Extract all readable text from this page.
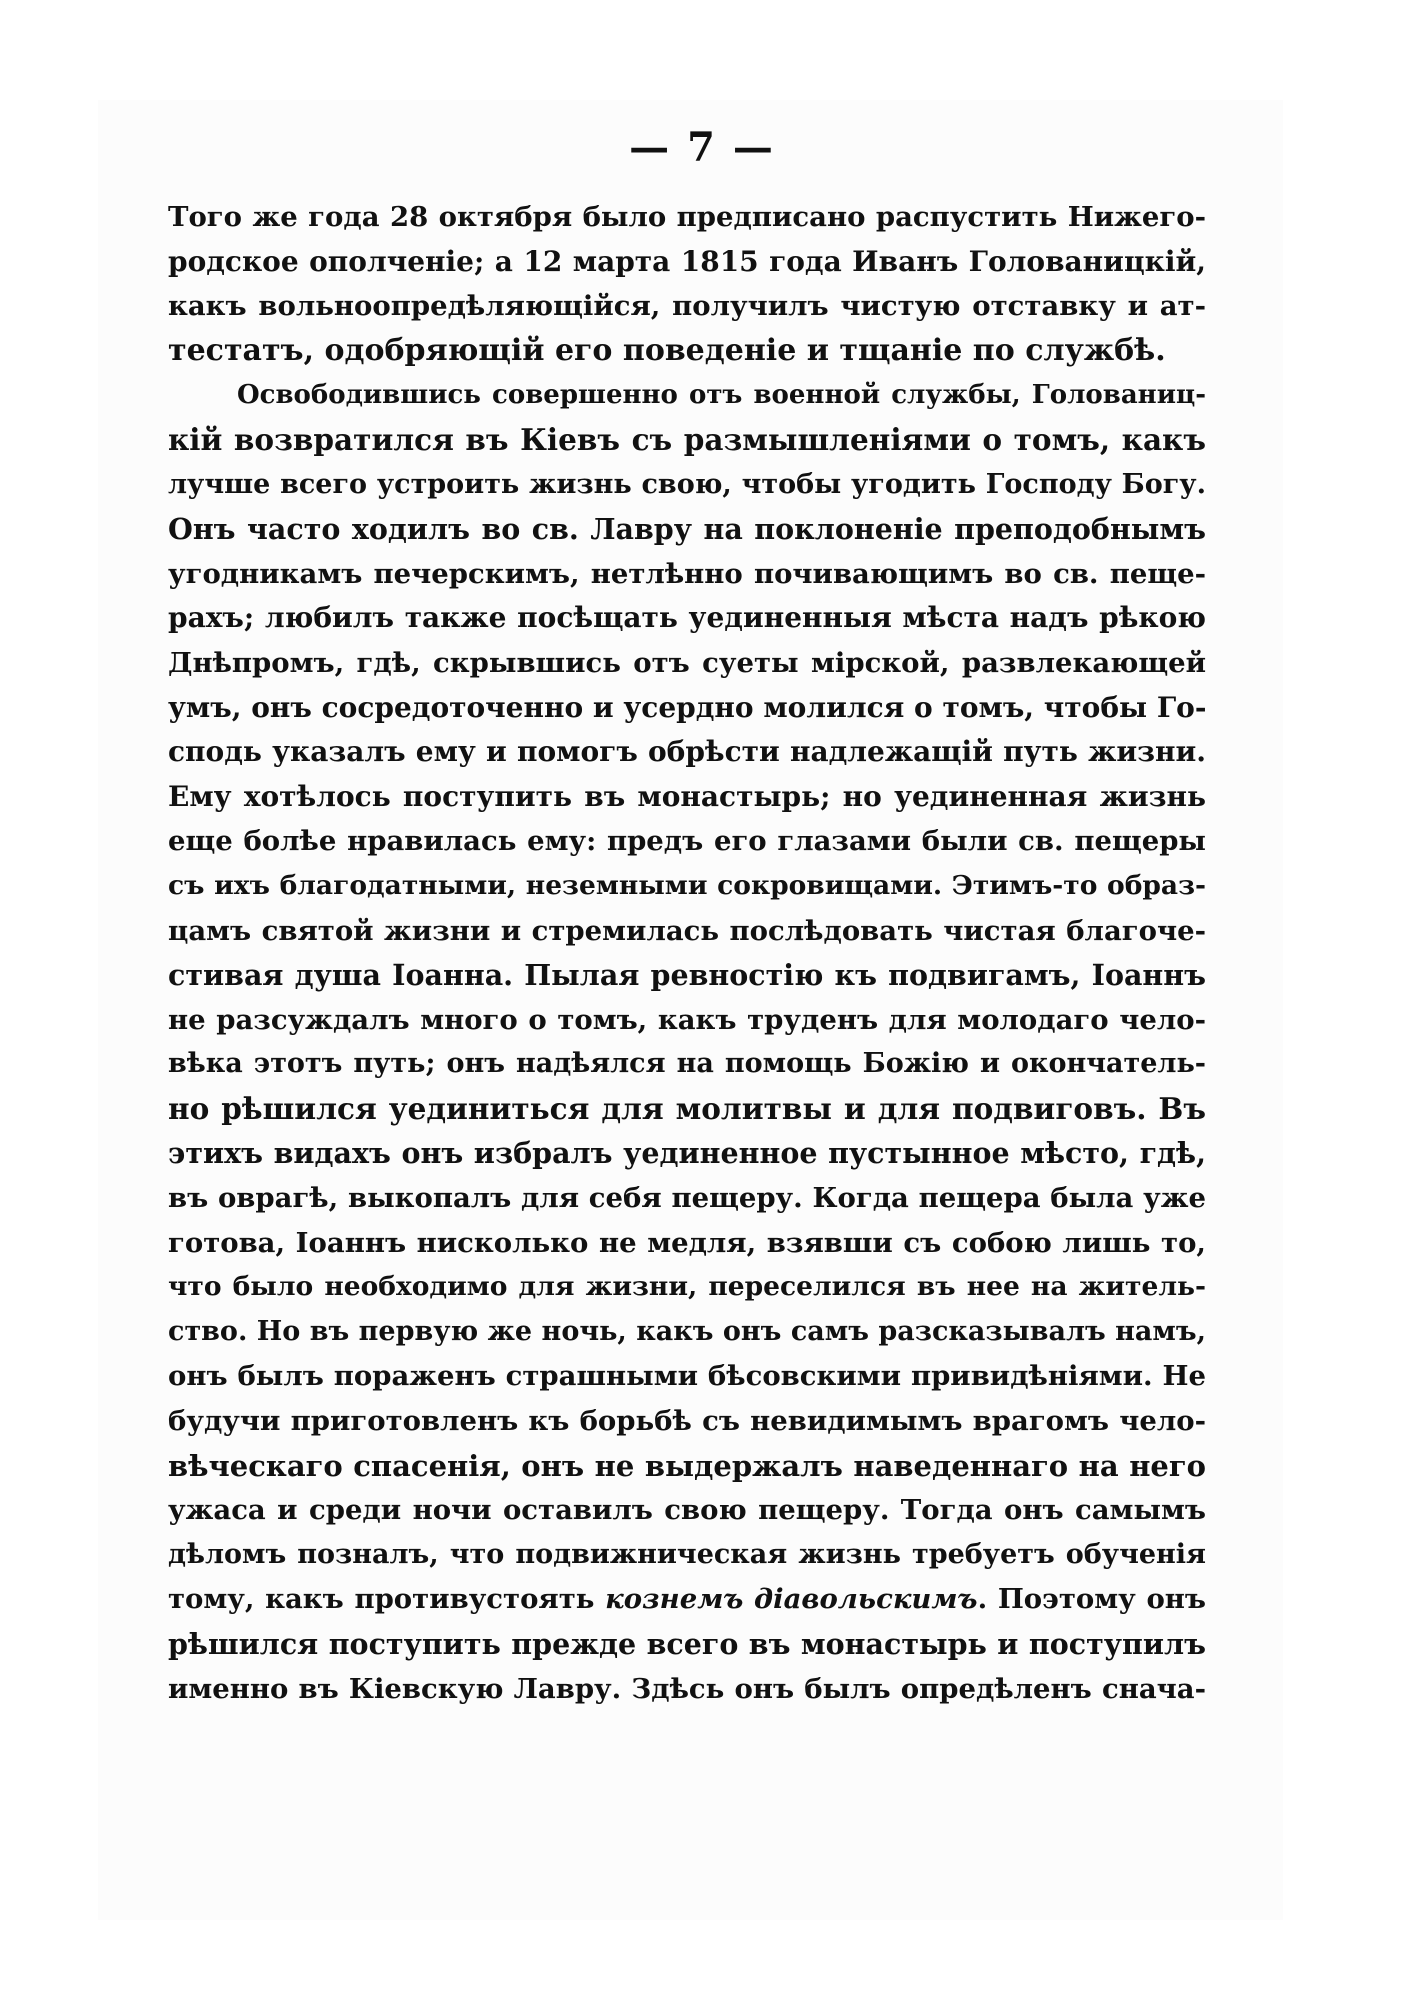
— 7 —
Того же года 28 октября было предписано распустить Нижего-
родское ополченіе; а 12 марта 1815 года Иванъ Голованицкій,
какъ вольноопредѣляющійся, получилъ чистую отставку и ат-
тестатъ, одобряющій его поведеніе и тщаніе по службѣ.
Освободившись совершенно отъ военной службы, Голованиц-
кій возвратился въ Кіевъ съ размышленіями о томъ, какъ
лучше всего устроить жизнь свою, чтобы угодить Господу Богу.
Онъ часто ходилъ во св. Лавру на поклоненіе преподобнымъ
угодникамъ печерскимъ, нетлѣнно почивающимъ во св. пеще-
рахъ; любилъ также посѣщать уединенныя мѣста надъ рѣкою
Днѣпромъ, гдѣ, скрывшись отъ суеты мірской, развлекающей
умъ, онъ сосредоточенно и усердно молился о томъ, чтобы Го-
сподь указалъ ему и помогъ обрѣсти надлежащій путь жизни.
Ему хотѣлось поступить въ монастырь; но уединенная жизнь
еще болѣе нравилась ему: предъ его глазами были св. пещеры
съ ихъ благодатными, неземными сокровищами. Этимъ-то образ-
цамъ святой жизни и стремилась послѣдовать чистая благоче-
стивая душа Іоанна. Пылая ревностію къ подвигамъ, Іоаннъ
не разсуждалъ много о томъ, какъ труденъ для молодаго чело-
вѣка этотъ путь; онъ надѣялся на помощь Божію и окончатель-
но рѣшился уединиться для молитвы и для подвиговъ. Въ
этихъ видахъ онъ избралъ уединенное пустынное мѣсто, гдѣ,
въ оврагѣ, выкопалъ для себя пещеру. Когда пещера была уже
готова, Іоаннъ нисколько не медля, взявши съ собою лишь то,
что было необходимо для жизни, переселился въ нее на житель-
ство. Но въ первую же ночь, какъ онъ самъ разсказывалъ намъ,
онъ былъ пораженъ страшными бѣсовскими привидѣніями. Не
будучи приготовленъ къ борьбѣ съ невидимымъ врагомъ чело-
вѣческаго спасенія, онъ не выдержалъ наведеннаго на него
ужаса и среди ночи оставилъ свою пещеру. Тогда онъ самымъ
дѣломъ позналъ, что подвижническая жизнь требуетъ обученія
тому, какъ противустоять кознемъ діавольскимъ. Поэтому онъ
рѣшился поступить прежде всего въ монастырь и поступилъ
именно въ Кіевскую Лавру. Здѣсь онъ былъ опредѣленъ снача-
